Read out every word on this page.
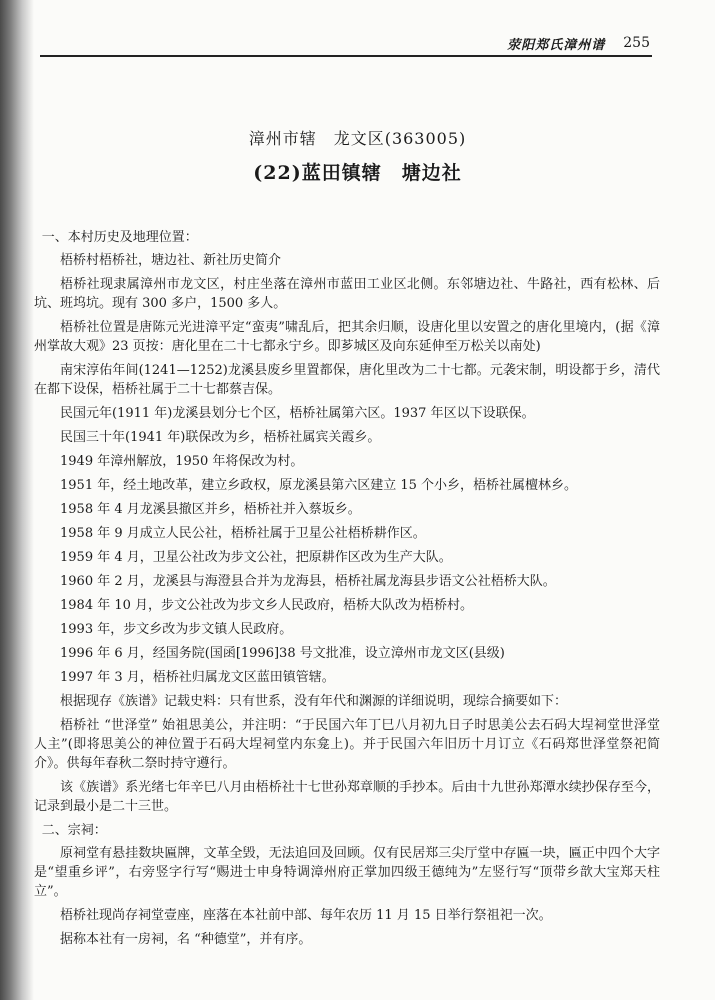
荥阳郑氏漳州谱 255
漳州市辖　龙文区(363005)
(22)蓝田镇辖　塘边社

一、本村历史及地理位置：

梧桥村梧桥社，塘边社、新社历史简介

梧桥社现隶属漳州市龙文区，村庄坐落在漳州市蓝田工业区北侧。东邻塘边社、牛路社，西有松林、后坑、班坞坑。现有 300 多户，1500 多人。

梧桥社位置是唐陈元光进漳平定“蛮夷”啸乱后，把其余归顺，设唐化里以安置之的唐化里境内，(据《漳州掌故大观》23 页按：唐化里在二十七都永宁乡。即芗城区及向东延伸至万松关以南处)

南宋淳佑年间(1241—1252)龙溪县废乡里置都保，唐化里改为二十七都。元袭宋制，明设都于乡，清代在都下设保，梧桥社属于二十七都蔡吉保。

民国元年(1911 年)龙溪县划分七个区，梧桥社属第六区。1937 年区以下设联保。

民国三十年(1941 年)联保改为乡，梧桥社属宾关霞乡。

1949 年漳州解放，1950 年将保改为村。

1951 年，经土地改革，建立乡政权，原龙溪县第六区建立 15 个小乡，梧桥社属檀林乡。

1958 年 4 月龙溪县撤区并乡，梧桥社并入蔡坂乡。

1958 年 9 月成立人民公社，梧桥社属于卫星公社梧桥耕作区。

1959 年 4 月，卫星公社改为步文公社，把原耕作区改为生产大队。

1960 年 2 月，龙溪县与海澄县合并为龙海县，梧桥社属龙海县步语文公社梧桥大队。

1984 年 10 月，步文公社改为步文乡人民政府，梧桥大队改为梧桥村。

1993 年，步文乡改为步文镇人民政府。

1996 年 6 月，经国务院(国函[1996]38 号文批准，设立漳州市龙文区(县级)

1997 年 3 月，梧桥社归属龙文区蓝田镇管辖。

根据现存《族谱》记载史料：只有世系，没有年代和渊源的详细说明，现综合摘要如下：

梧桥社 “世泽堂” 始祖思美公，并注明：“于民国六年丁巳八月初九日子时思美公去石码大埕祠堂世泽堂人主”(即将思美公的神位置于石码大埕祠堂内东龛上)。并于民国六年旧历十月订立《石码郑世泽堂祭祀简介》。供每年春秋二祭时持守遵行。

该《族谱》系光绪七年辛巳八月由梧桥社十七世孙郑章顺的手抄本。后由十九世孙郑潭水续抄保存至今，记录到最小是二十三世。

二、宗祠：

原祠堂有悬挂数块匾牌，文革全毁，无法追回及回顾。仅有民居郑三尖厅堂中存匾一块，匾正中四个大字是“望重乡评”，右旁竖字行写“赐进士申身特调漳州府正掌加四级王德纯为”左竖行写“顶带乡歆大宝郑天柱立”。

梧桥社现尚存祠堂壹座，座落在本社前中部、每年农历 11 月 15 日举行祭祖祀一次。

据称本社有一房祠，名 “种德堂”，并有序。
